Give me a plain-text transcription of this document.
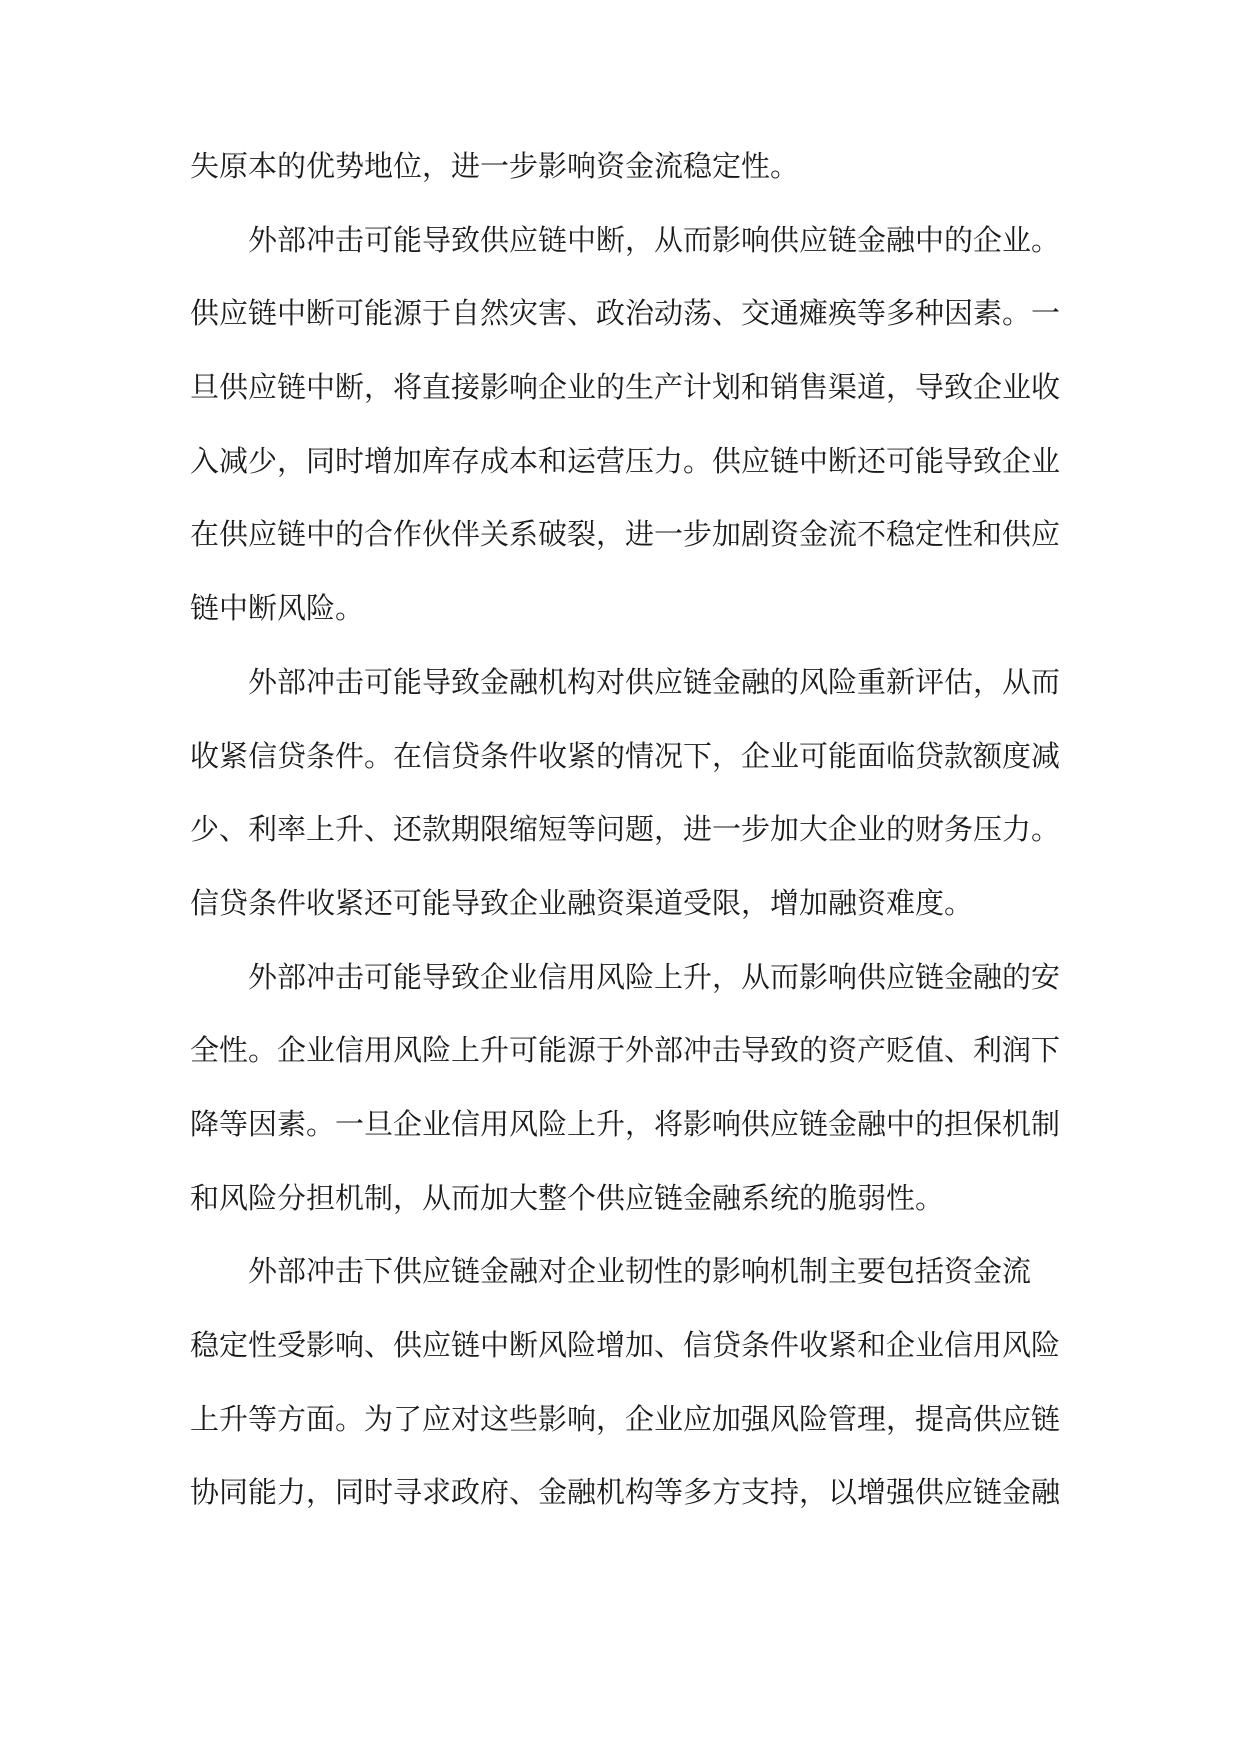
失原本的优势地位，进一步影响资金流稳定性。
外部冲击可能导致供应链中断，从而影响供应链金融中的企业。
供应链中断可能源于自然灾害、政治动荡、交通瘫痪等多种因素。一
旦供应链中断，将直接影响企业的生产计划和销售渠道，导致企业收
入减少，同时增加库存成本和运营压力。供应链中断还可能导致企业
在供应链中的合作伙伴关系破裂，进一步加剧资金流不稳定性和供应
链中断风险。
外部冲击可能导致金融机构对供应链金融的风险重新评估，从而
收紧信贷条件。在信贷条件收紧的情况下，企业可能面临贷款额度减
少、利率上升、还款期限缩短等问题，进一步加大企业的财务压力。
信贷条件收紧还可能导致企业融资渠道受限，增加融资难度。
外部冲击可能导致企业信用风险上升，从而影响供应链金融的安
全性。企业信用风险上升可能源于外部冲击导致的资产贬值、利润下
降等因素。一旦企业信用风险上升，将影响供应链金融中的担保机制
和风险分担机制，从而加大整个供应链金融系统的脆弱性。
外部冲击下供应链金融对企业韧性的影响机制主要包括资金流
稳定性受影响、供应链中断风险增加、信贷条件收紧和企业信用风险
上升等方面。为了应对这些影响，企业应加强风险管理，提高供应链
协同能力，同时寻求政府、金融机构等多方支持，以增强供应链金融
